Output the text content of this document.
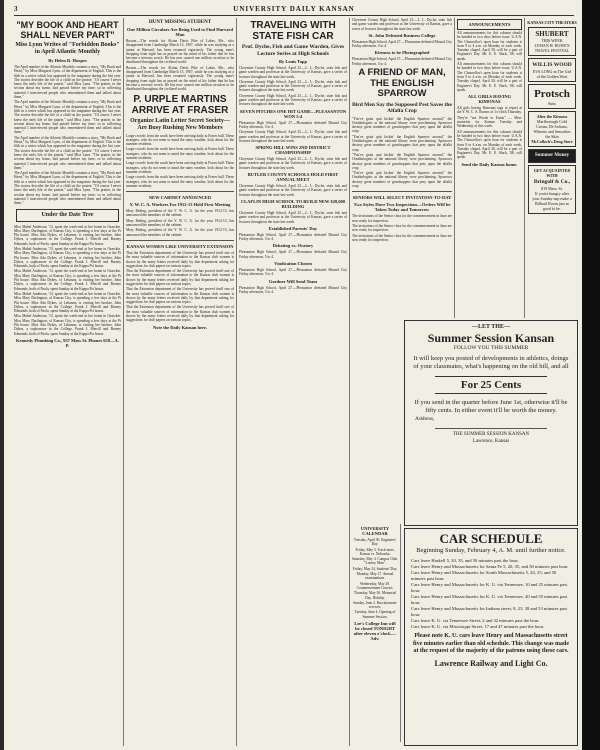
3	UNIVERSITY DAILY KANSAN
"MY BOOK AND HEART SHALL NEVER PART"
Miss Lynn Writes of "Forbidden Books" in April Atlantic Monthly
By Helen R. Hoopes

The April number of the Atlantic Monthly contains a story, "My Book and Heart," by Miss Margaret Lynn, of the department of English. This is the fifth in a series which has appeared in the magazine during the last year. The stories describe the life of a child on the prairie. "Of course I never knew the early life of the prairie," said Miss Lynn. "The prairie, in the section about my home, had passed before my time; so in collecting material I interviewed people who remembered them and talked about them."

The April number of the Atlantic Monthly contains a story, "My Book and Heart," by Miss Margaret Lynn, of the department of English. This is the fifth in a series which has appeared in the magazine during the last year. The stories describe the life of a child on the prairie. "Of course I never knew the early life of the prairie," said Miss Lynn. "The prairie, in the section about my home, had passed before my time; so in collecting material I interviewed people who remembered them and talked about them."

The April number of the Atlantic Monthly contains a story, "My Book and Heart," by Miss Margaret Lynn, of the department of English. This is the fifth in a series which has appeared in the magazine during the last year. The stories describe the life of a child on the prairie. "Of course I never knew the early life of the prairie," said Miss Lynn. "The prairie, in the section about my home, had passed before my time; so in collecting material I interviewed people who remembered them and talked about them."

The April number of the Atlantic Monthly contains a story, "My Book and Heart," by Miss Margaret Lynn, of the department of English. This is the fifth in a series which has appeared in the magazine during the last year. The stories describe the life of a child on the prairie. "Of course I never knew the early life of the prairie," said Miss Lynn. "The prairie, in the section about my home, had passed before my time; so in collecting material I interviewed people who remembered them and talked about them."

Under the Date Tree

Miss Mabel Anderson, '13, spent the week-end at her home in Ozawkie. Miss Mary Darlington, of Kansas City, is spending a few days at the Pi Phi house. Miss Ada Dykes, of Lebanon, is visiting her brother, John Dykes, a sophomore in the College. Frank J. Merrill and Barney Edmonds, both of Paola, spent Sunday at the Kappa Psi house.

Miss Mabel Anderson, '13, spent the week-end at her home in Ozawkie. Miss Mary Darlington, of Kansas City, is spending a few days at the Pi Phi house. Miss Ada Dykes, of Lebanon, is visiting her brother, John Dykes, a sophomore in the College. Frank J. Merrill and Barney Edmonds, both of Paola, spent Sunday at the Kappa Psi house.

Miss Mabel Anderson, '13, spent the week-end at her home in Ozawkie. Miss Mary Darlington, of Kansas City, is spending a few days at the Pi Phi house. Miss Ada Dykes, of Lebanon, is visiting her brother, John Dykes, a sophomore in the College. Frank J. Merrill and Barney Edmonds, both of Paola, spent Sunday at the Kappa Psi house.

Miss Mabel Anderson, '13, spent the week-end at her home in Ozawkie. Miss Mary Darlington, of Kansas City, is spending a few days at the Pi Phi house. Miss Ada Dykes, of Lebanon, is visiting her brother, John Dykes, a sophomore in the College. Frank J. Merrill and Barney Edmonds, both of Paola, spent Sunday at the Kappa Psi house.

Miss Mabel Anderson, '13, spent the week-end at her home in Ozawkie. Miss Mary Darlington, of Kansas City, is spending a few days at the Pi Phi house. Miss Ada Dykes, of Lebanon, is visiting her brother, John Dykes, a sophomore in the College. Frank J. Merrill and Barney Edmonds, both of Paola, spent Sunday at the Kappa Psi house.

Kennedy Plumbing Co., 937 Mass St. Phones 658—A. P.
HUNT MISSING STUDENT
One Million Circulars Are Being Used to Find Harvard Man

Boston.—The search for Alston Davis Pike of Lakes, Me., who disappeared from Cambridge March 15, 1907, while he was studying as a junior at Harvard, has been resumed vigorously. The young man's dropping from sight has as prayed on the mind of his father that he has become a nervous wreck. He has now caused one million circulars to be distributed throughout the civilized world.

Boston.—The search for Alston Davis Pike of Lakes, Me., who disappeared from Cambridge March 15, 1907, while he was studying as a junior at Harvard, has been resumed vigorously. The young man's dropping from sight has as prayed on the mind of his father that he has become a nervous wreck. He has now caused one million circulars to be distributed throughout the civilized world.

P. URPLE MARTINS ARRIVE AT FRASER
Organize Latin Letter Secret Society—Are Busy Rushing New Members

Large crowds from the south have been arriving daily at Fraser hall. These strangers, who do not seem to mind the rainy weather, look about for the summer residents.

Large crowds from the south have been arriving daily at Fraser hall. These strangers, who do not seem to mind the rainy weather, look about for the summer residents.

Large crowds from the south have been arriving daily at Fraser hall. These strangers, who do not seem to mind the rainy weather, look about for the summer residents.

Large crowds from the south have been arriving daily at Fraser hall. These strangers, who do not seem to mind the rainy weather, look about for the summer residents.

NEW CABINET ANNOUNCED
Y. W. C. A. Workers For 1912-13 Hold First Meeting

Mary Reding, president of the Y. W. C. A. for the year 1912-13, has announced the members of the cabinet.

Mary Reding, president of the Y. W. C. A. for the year 1912-13, has announced the members of the cabinet.

Mary Reding, president of the Y. W. C. A. for the year 1912-13, has announced the members of the cabinet.

KANSAS WOMEN LIKE UNIVERSITY EXTENSION

That the Extension department of the University has proved itself one of the most valuable sources of information to the Kansas club women is shown by the many letters received daily by that department asking for suggestions for club papers on various topics.

That the Extension department of the University has proved itself one of the most valuable sources of information to the Kansas club women is shown by the many letters received daily by that department asking for suggestions for club papers on various topics.

That the Extension department of the University has proved itself one of the most valuable sources of information to the Kansas club women is shown by the many letters received daily by that department asking for suggestions for club papers on various topics.

That the Extension department of the University has proved itself one of the most valuable sources of information to the Kansas club women is shown by the many letters received daily by that department asking for suggestions for club papers on various topics.

Note the Daily Kansan here.
TRAVELING WITH STATE FISH CAR
Prof. Dyche, Fish and Game Warden, Gives Lecture Series at High Schools
By Louis Tapp

Cheyenne County High School, April 23.—L. L. Dyche, state fish and game warden and professor at the University of Kansas, gave a series of lectures throughout the state last week.

Cheyenne County High School, April 23.—L. L. Dyche, state fish and game warden and professor at the University of Kansas, gave a series of lectures throughout the state last week.

Cheyenne County High School, April 23.—L. L. Dyche, state fish and game warden and professor at the University of Kansas, gave a series of lectures throughout the state last week.

SEVEN PITCHES ONE HIT GAME—PLEASANTON WON 5-4

Pleasanton High School, April 27.—Pleasanton defeated Mound City Friday afternoon, 5 to 4.

Cheyenne County High School, April 23.—L. L. Dyche, state fish and game warden and professor at the University of Kansas, gave a series of lectures throughout the state last week.

SPRING HILL WINS 2ND DISTRICT CHAMPIONSHIP

Cheyenne County High School, April 23.—L. L. Dyche, state fish and game warden and professor at the University of Kansas, gave a series of lectures throughout the state last week.

BUTLER COUNTY SCHOOLS HOLD FIRST ANNUAL MEET

Cheyenne County High School, April 23.—L. L. Dyche, state fish and game warden and professor at the University of Kansas, gave a series of lectures throughout the state last week.

CLAFLIN HIGH SCHOOL TO BUILD NEW $28,000 BUILDING

Cheyenne County High School, April 23.—L. L. Dyche, state fish and game warden and professor at the University of Kansas, gave a series of lectures throughout the state last week.

Established Parents' Day

Pleasanton High School, April 27.—Pleasanton defeated Mound City Friday afternoon, 5 to 4.

Debating vs. Oratory

Pleasanton High School, April 27.—Pleasanton defeated Mound City Friday afternoon, 5 to 4.

Vindication Chosen

Pleasanton High School, April 27.—Pleasanton defeated Mound City Friday afternoon, 5 to 4.

Gardner Will Send Team

Pleasanton High School, April 27.—Pleasanton defeated Mound City Friday afternoon, 5 to 4.

Cheyenne County High School, April 23.—L. L. Dyche, state fish and game warden and professor at the University of Kansas, gave a series of lectures throughout the state last week.

St. John Defeated Business College

Pleasanton High School, April 27.—Pleasanton defeated Mound City Friday afternoon, 5 to 4.

Kirmess to be Photographed

Pleasanton High School, April 27.—Pleasanton defeated Mound City Friday afternoon, 5 to 4.

A FRIEND OF MAN, THE ENGLISH SPARROW
Bird Men Say the Supposed Pest Saves the Alfalfa Crop

"You've gotta quit kickin' the English Sparrow around," the Ornithologists at the national library were proclaiming. Sparrows destroy great numbers of grasshoppers that prey upon the alfalfa crop.

"You've gotta quit kickin' the English Sparrow around," the Ornithologists at the national library were proclaiming. Sparrows destroy great numbers of grasshoppers that prey upon the alfalfa crop.

"You've gotta quit kickin' the English Sparrow around," the Ornithologists at the national library were proclaiming. Sparrows destroy great numbers of grasshoppers that prey upon the alfalfa crop.

"You've gotta quit kickin' the English Sparrow around," the Ornithologists at the national library were proclaiming. Sparrows destroy great numbers of grasshoppers that prey upon the alfalfa crop.

SENIORS WILL SELECT INVITATION-TO-DAY
Two Styles Have Two Inspections—Orders Will be Taken Today and Tomorrow

The invitations of the Senior class for the commencement in June are now ready for inspection.

The invitations of the Senior class for the commencement in June are now ready for inspection.

The invitations of the Senior class for the commencement in June are now ready for inspection.

ANNOUNCEMENTS

All announcements for this column should be handed in two days before issue. U.A.N. The Chancellor's open hour for students is from 9 to 4 a.m. on Monday of each week. Tuesday chapel, April 30, will be a part of Engineer's Day. Mr. E. E. Slack, '08, will speak.

All announcements for this column should be handed in two days before issue. U.A.N. The Chancellor's open hour for students is from 9 to 4 a.m. on Monday of each week. Tuesday chapel, April 30, will be a part of Engineer's Day. Mr. E. E. Slack, '08, will speak.

ALL GIRLS HAVING KIMONAS

All girls having Kimonas tags to report at the Y. W. C. A. Rooms at 3 o'clock Thursday.

They're "not Words to Eaton" — Men-motorists for Kansas Tuesday and Wednesday of this week.

All announcements for this column should be handed in two days before issue. U.A.N. The Chancellor's open hour for students is from 9 to 4 a.m. on Monday of each week. Tuesday chapel, April 30, will be a part of Engineer's Day. Mr. E. E. Slack, '08, will speak.

Send the Daily Kansas home.
KANSAS CITY THEATERS
SHUBERT
THIS WEEK
LYMAN H. HOWE'S TRAVEL FESTIVAL
WILLIS WOOD
EVA LONG in The Girl of the Golden West
Protsch
Suits
After the Kirmess
Marlborough Cold Cream, De Soltano, Whiteno and Smoothes the Skin
McColloch's Drug Store
Summer Money
GET ACQUAINTED WITH
Bringolf & Co.,
819 Mass. St.
If you're hungry after your Sunday nap make a Billiard Room just as good to be.
—LET THE—
Summer Session Kansan
FOLLOW YOU THIS SUMMER
It will keep you posted of developments in athletics, doings of your classmates, what's happening on the old hill, and all
For 25 Cents
If you send in the quarter before June 1st, otherwise it'll be fifty cents. In either event it'll be worth the money.
Address,
THE SUMMER SESSION KANSAN
Lawrence, Kansas
CAR SCHEDULE
Beginning Sunday, February 4, A. M. until further notice.

Cars leave Haskell 5, 20, 35, and 50 minutes past the hour.

Cars leave Henry and Massachusetts for Santa Fe 5, 20, 35, and 50 minutes past hour.

Cars leave Henry and Massachusetts for South Massachusetts 5, 20, 35, and 50 minutes past hour.

Cars leave Henry and Massachusetts for K. U. via Tennessee, 10 and 25 minutes past hour.

Cars leave Henry and Massachusetts for K. U. via Tennessee, 40 and 55 minutes past hour.

Cars leave Henry and Massachusetts for Indiana street, 8, 23, 38 and 53 minutes past hour.

Cars leave K. U. via Tennessee Street, 2 and 32 minutes past the hour.

Cars leave K. U. via Mississippi Street, 17 and 47 minutes past the hour.

Please note K. U. cars leave Henry and Massachusetts street five minutes earlier than old schedule. This change was made at the request of the majority of the patrons using these cars.
Lawrence Railway and Light Co.
UNIVERSITY CALENDAR

Tuesday, April 30. Engineers' Day.

Friday, May 3. Track meet, Kansas vs. Nebraska.

Saturday, May 4. Campus Club. "Lottery Man".

Friday, May 24. Students' Day.

Monday, May 27. Annual examinations.

Wednesday, May 29. Commencement Concert.

Thursday, May 30. Memorial Day. Holiday.

Sunday, June 2. Baccalaureate services.

Tuesday, June 4. Opening of Summer Session.

Lee's College Inn will be closed TONIGHT after eleven o'clock.—Adv.
